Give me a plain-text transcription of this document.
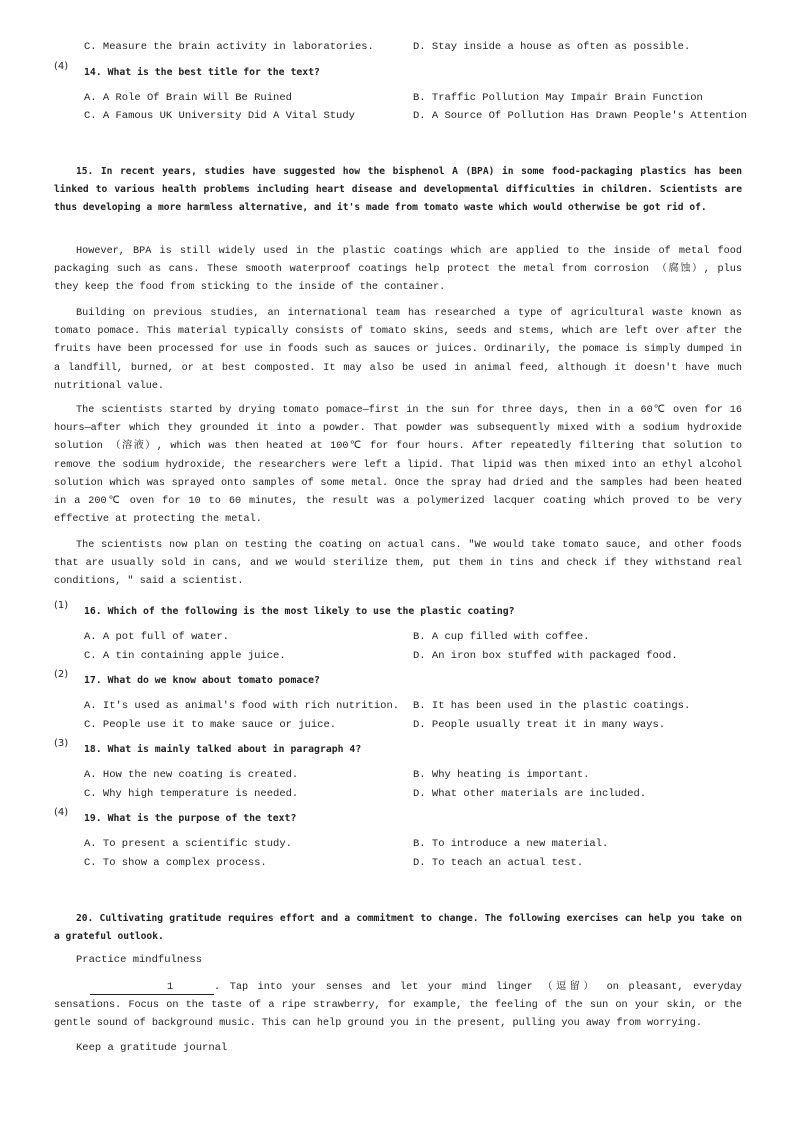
C. Measure the brain activity in laboratories.	D. Stay inside a house as often as possible.
(4)
14. What is the best title for the text?
A. A Role Of Brain Will Be Ruined	B. Traffic Pollution May Impair Brain Function
C. A Famous UK University Did A Vital Study	D. A Source Of Pollution Has Drawn People's Attention
15. In recent years, studies have suggested how the bisphenol A (BPA) in some food-packaging plastics has been linked to various health problems including heart disease and developmental difficulties in children. Scientists are thus developing a more harmless alternative, and it's made from tomato waste which would otherwise be got rid of.
However, BPA is still widely used in the plastic coatings which are applied to the inside of metal food packaging such as cans. These smooth waterproof coatings help protect the metal from corrosion （腐蚀）, plus they keep the food from sticking to the inside of the container.
Building on previous studies, an international team has researched a type of agricultural waste known as tomato pomace. This material typically consists of tomato skins, seeds and stems, which are left over after the fruits have been processed for use in foods such as sauces or juices. Ordinarily, the pomace is simply dumped in a landfill, burned, or at best composted. It may also be used in animal feed, although it doesn't have much nutritional value.
The scientists started by drying tomato pomace—first in the sun for three days, then in a 60℃ oven for 16 hours—after which they grounded it into a powder. That powder was subsequently mixed with a sodium hydroxide solution （溶液）, which was then heated at 100℃ for four hours. After repeatedly filtering that solution to remove the sodium hydroxide, the researchers were left a lipid. That lipid was then mixed into an ethyl alcohol solution which was sprayed onto samples of some metal. Once the spray had dried and the samples had been heated in a 200℃ oven for 10 to 60 minutes, the result was a polymerized lacquer coating which proved to be very effective at protecting the metal.
The scientists now plan on testing the coating on actual cans. "We would take tomato sauce, and other foods that are usually sold in cans, and we would sterilize them, put them in tins and check if they withstand real conditions, " said a scientist.
(1)
16. Which of the following is the most likely to use the plastic coating?
A. A pot full of water.	B. A cup filled with coffee.
C. A tin containing apple juice.	D. An iron box stuffed with packaged food.
(2)
17. What do we know about tomato pomace?
A. It's used as animal's food with rich nutrition. B. It has been used in the plastic coatings.
C. People use it to make sauce or juice.	D. People usually treat it in many ways.
(3)
18. What is mainly talked about in paragraph 4?
A. How the new coating is created.	B. Why heating is important.
C. Why high temperature is needed.	D. What other materials are included.
(4)
19. What is the purpose of the text?
A. To present a scientific study.	B. To introduce a new material.
C. To show a complex process.	D. To teach an actual test.
20. Cultivating gratitude requires effort and a commitment to change. The following exercises can help you take on a grateful outlook.
Practice mindfulness
1	. Tap into your senses and let your mind linger （逗留） on pleasant, everyday sensations. Focus on the taste of a ripe strawberry, for example, the feeling of the sun on your skin, or the gentle sound of background music. This can help ground you in the present, pulling you away from worrying.
Keep a gratitude journal
